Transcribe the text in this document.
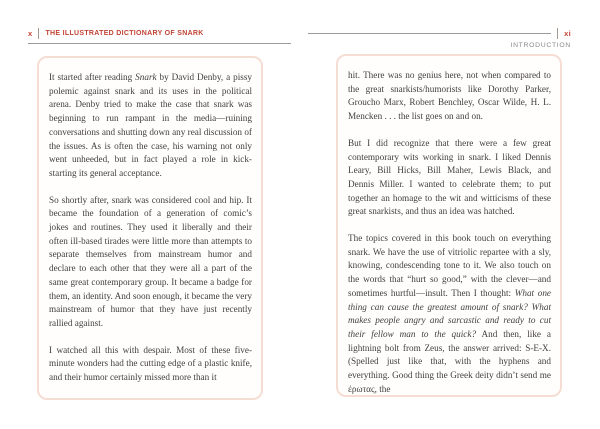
x THE ILLUSTRATED DICTIONARY OF SNARK

It started after reading Snark by David Denby, a pissy polemic against snark and its uses in the political arena. Denby tried to make the case that snark was beginning to run rampant in the media—ruining conversations and shutting down any real discussion of the issues. As is often the case, his warning not only went unheeded, but in fact played a role in kick-starting its general acceptance.

So shortly after, snark was considered cool and hip. It became the foundation of a generation of comic’s jokes and routines. They used it liberally and their often ill-based tirades were little more than attempts to separate themselves from mainstream humor and declare to each other that they were all a part of the same great contemporary group. It became a badge for them, an identity. And soon enough, it became the very mainstream of humor that they have just recently rallied against.

I watched all this with despair. Most of these five-minute wonders had the cutting edge of a plastic knife, and their humor certainly missed more than it

xi
INTRODUCTION

hit. There was no genius here, not when compared to the great snarkists/humorists like Dorothy Parker, Groucho Marx, Robert Benchley, Oscar Wilde, H. L. Mencken . . . the list goes on and on.

But I did recognize that there were a few great contemporary wits working in snark. I liked Dennis Leary, Bill Hicks, Bill Maher, Lewis Black, and Dennis Miller. I wanted to celebrate them; to put together an homage to the wit and witticisms of these great snarkists, and thus an idea was hatched.

The topics covered in this book touch on everything snark. We have the use of vitriolic repartee with a sly, knowing, condescending tone to it. We also touch on the words that “hurt so good,” with the clever—and sometimes hurtful—insult. Then I thought: What one thing can cause the greatest amount of snark? What makes people angry and sarcastic and ready to cut their fellow man to the quick? And then, like a lightning bolt from Zeus, the answer arrived: S-E-X. (Spelled just like that, with the hyphens and everything. Good thing the Greek deity didn’t send me έρωτας, the
